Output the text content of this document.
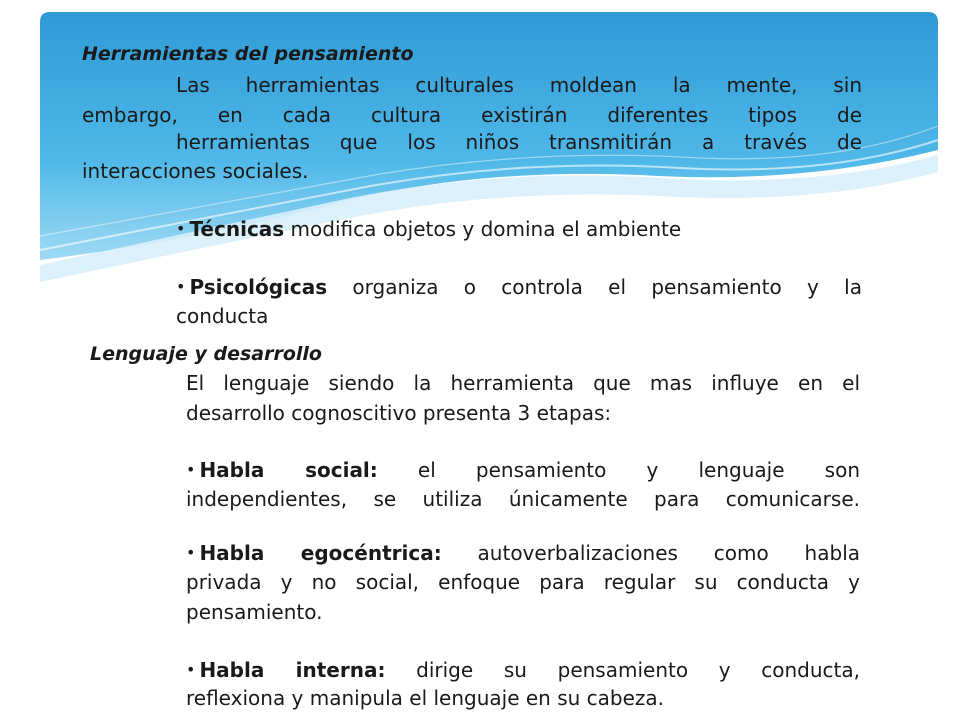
Herramientas del pensamiento

Las herramientas culturales moldean la mente, sin

embargo, en cada cultura existirán diferentes tipos de

herramientas que los niños transmitirán a través de

interacciones sociales.

• Técnicas modifica objetos y domina el ambiente

• Psicológicas organiza o controla el pensamiento y la

conducta

Lenguaje y desarrollo

El lenguaje siendo la herramienta que mas influye en el

desarrollo cognoscitivo presenta 3 etapas:

• Habla social: el pensamiento y lenguaje son

independientes, se utiliza únicamente para comunicarse.

• Habla egocéntrica: autoverbalizaciones como habla

privada y no social, enfoque para regular su conducta y

pensamiento.

• Habla interna: dirige su pensamiento y conducta,

reflexiona y manipula el lenguaje en su cabeza.
